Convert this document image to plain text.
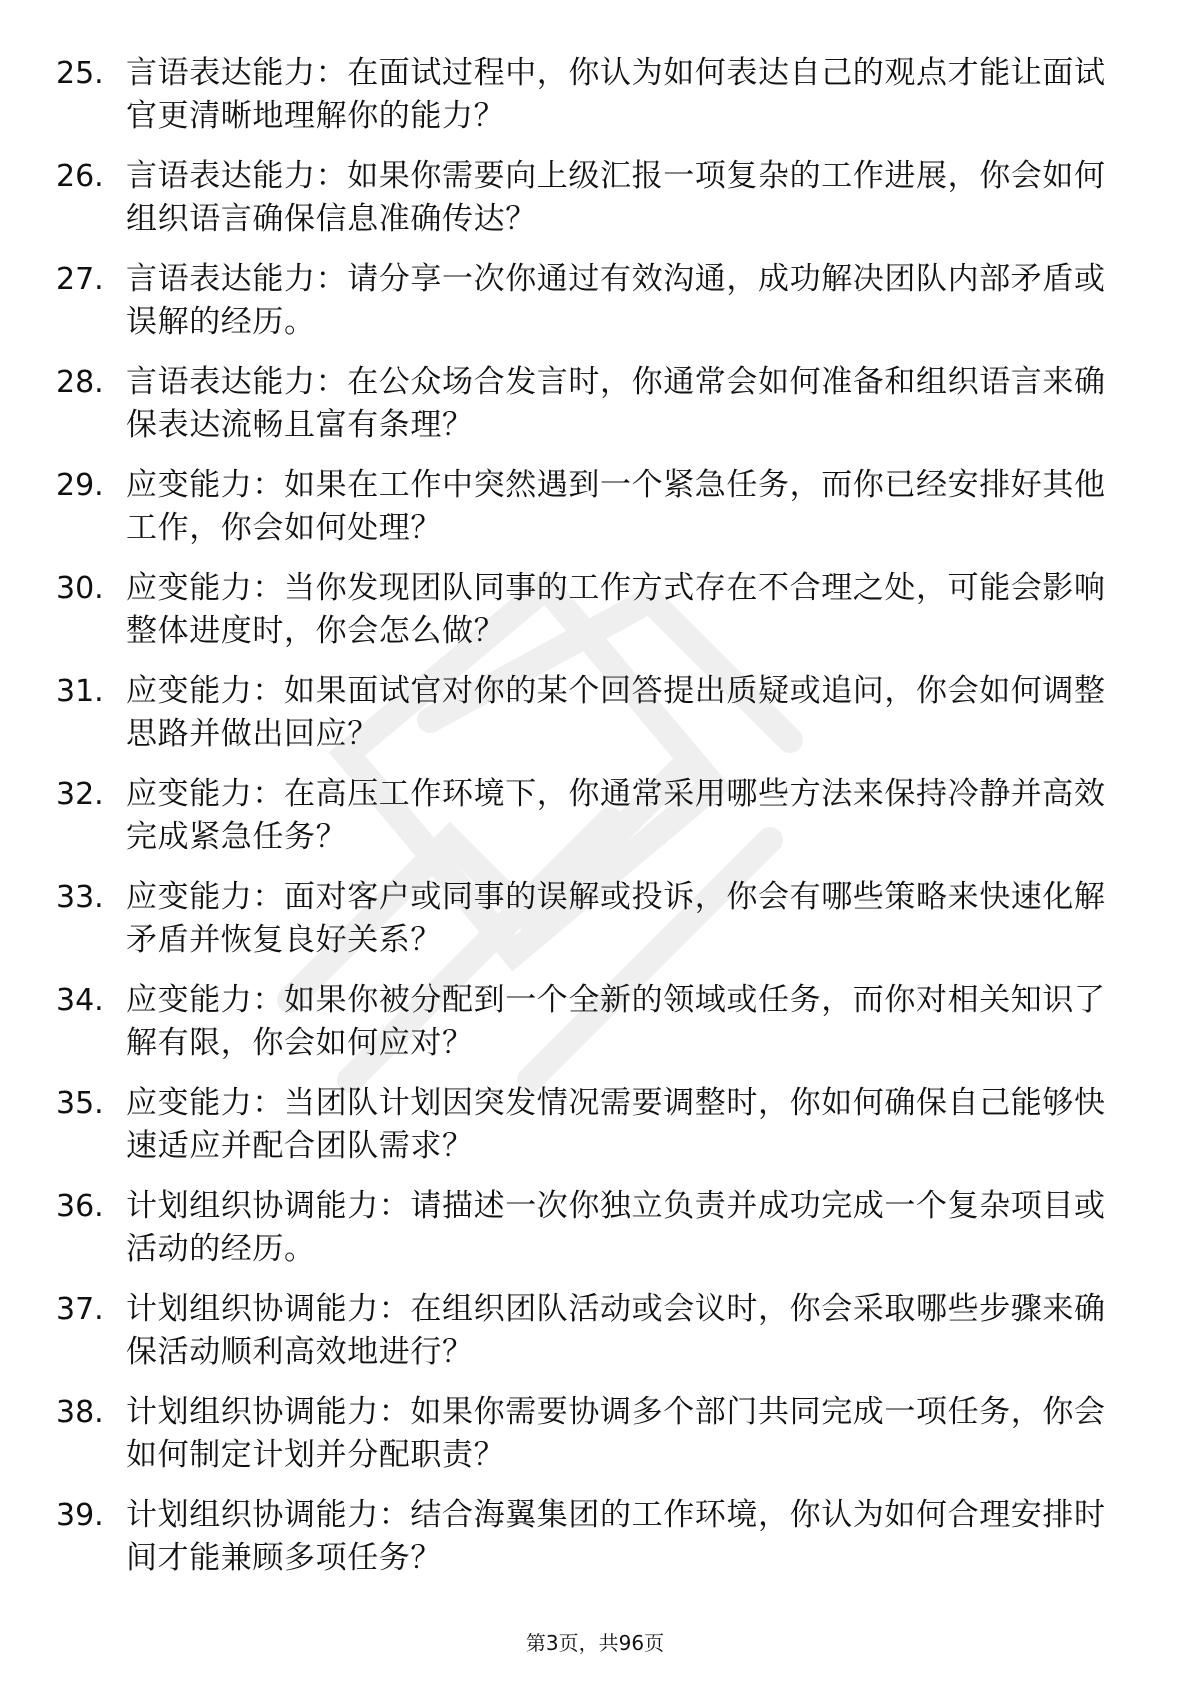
25. 言语表达能力：在面试过程中，你认为如何表达自己的观点才能让面试官更清晰地理解你的能力？
26. 言语表达能力：如果你需要向上级汇报一项复杂的工作进展，你会如何组织语言确保信息准确传达？
27. 言语表达能力：请分享一次你通过有效沟通，成功解决团队内部矛盾或误解的经历。
28. 言语表达能力：在公众场合发言时，你通常会如何准备和组织语言来确保表达流畅且富有条理？
29. 应变能力：如果在工作中突然遇到一个紧急任务，而你已经安排好其他工作，你会如何处理？
30. 应变能力：当你发现团队同事的工作方式存在不合理之处，可能会影响整体进度时，你会怎么做？
31. 应变能力：如果面试官对你的某个回答提出质疑或追问，你会如何调整思路并做出回应？
32. 应变能力：在高压工作环境下，你通常采用哪些方法来保持冷静并高效完成紧急任务？
33. 应变能力：面对客户或同事的误解或投诉，你会有哪些策略来快速化解矛盾并恢复良好关系？
34. 应变能力：如果你被分配到一个全新的领域或任务，而你对相关知识了解有限，你会如何应对？
35. 应变能力：当团队计划因突发情况需要调整时，你如何确保自己能够快速适应并配合团队需求？
36. 计划组织协调能力：请描述一次你独立负责并成功完成一个复杂项目或活动的经历。
37. 计划组织协调能力：在组织团队活动或会议时，你会采取哪些步骤来确保活动顺利高效地进行？
38. 计划组织协调能力：如果你需要协调多个部门共同完成一项任务，你会如何制定计划并分配职责？
39. 计划组织协调能力：结合海翼集团的工作环境，你认为如何合理安排时间才能兼顾多项任务？
第3页，共96页
